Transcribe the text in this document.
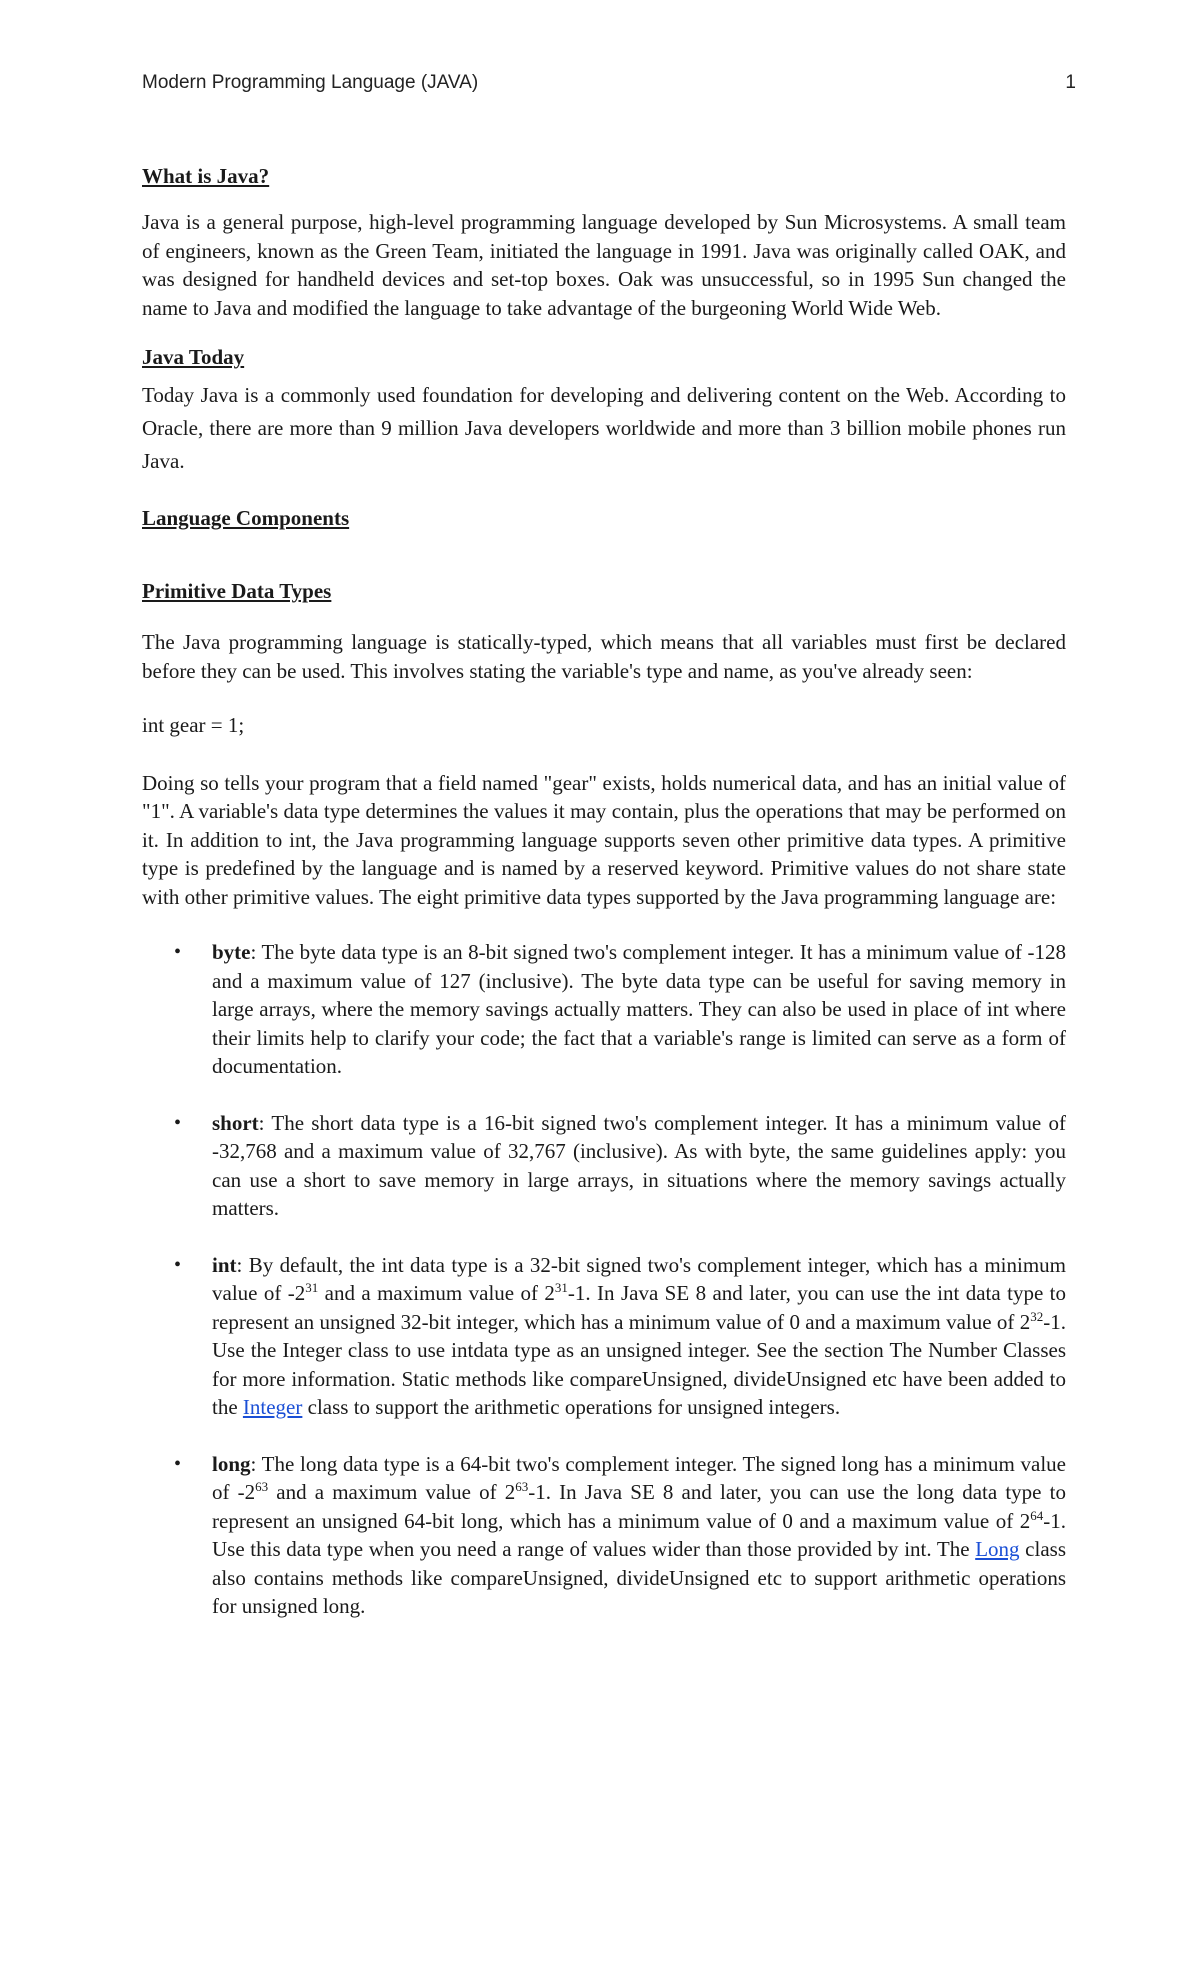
Modern Programming Language (JAVA)	1
What is Java?

Java is a general purpose, high-level programming language developed by Sun Microsystems. A small team of engineers, known as the Green Team, initiated the language in 1991. Java was originally called OAK, and was designed for handheld devices and set-top boxes. Oak was unsuccessful, so in 1995 Sun changed the name to Java and modified the language to take advantage of the burgeoning World Wide Web.

Java Today

Today Java is a commonly used foundation for developing and delivering content on the Web. According to Oracle, there are more than 9 million Java developers worldwide and more than 3 billion mobile phones run Java.

Language Components
Primitive Data Types

The Java programming language is statically-typed, which means that all variables must first be declared before they can be used. This involves stating the variable's type and name, as you've already seen:

int gear = 1;

Doing so tells your program that a field named "gear" exists, holds numerical data, and has an initial value of "1". A variable's data type determines the values it may contain, plus the operations that may be performed on it. In addition to int, the Java programming language supports seven other primitive data types. A primitive type is predefined by the language and is named by a reserved keyword. Primitive values do not share state with other primitive values. The eight primitive data types supported by the Java programming language are:

• byte: The byte data type is an 8-bit signed two's complement integer. It has a minimum value of -128 and a maximum value of 127 (inclusive). The byte data type can be useful for saving memory in large arrays, where the memory savings actually matters. They can also be used in place of int where their limits help to clarify your code; the fact that a variable's range is limited can serve as a form of documentation.
• short: The short data type is a 16-bit signed two's complement integer. It has a minimum value of -32,768 and a maximum value of 32,767 (inclusive). As with byte, the same guidelines apply: you can use a short to save memory in large arrays, in situations where the memory savings actually matters.
• int: By default, the int data type is a 32-bit signed two's complement integer, which has a minimum value of $-2^{31}$ and a maximum value of $2^{31}-1$. In Java SE 8 and later, you can use the int data type to represent an unsigned 32-bit integer, which has a minimum value of 0 and a maximum value of $2^{32}-1$. Use the Integer class to use intdata type as an unsigned integer. See the section The Number Classes for more information. Static methods like compareUnsigned, divideUnsigned etc have been added to the Integer class to support the arithmetic operations for unsigned integers.
• long: The long data type is a 64-bit two's complement integer. The signed long has a minimum value of $-2^{63}$ and a maximum value of $2^{63}-1$. In Java SE 8 and later, you can use the long data type to represent an unsigned 64-bit long, which has a minimum value of 0 and a maximum value of $2^{64}-1$. Use this data type when you need a range of values wider than those provided by int. The Long class also contains methods like compareUnsigned, divideUnsigned etc to support arithmetic operations for unsigned long.
